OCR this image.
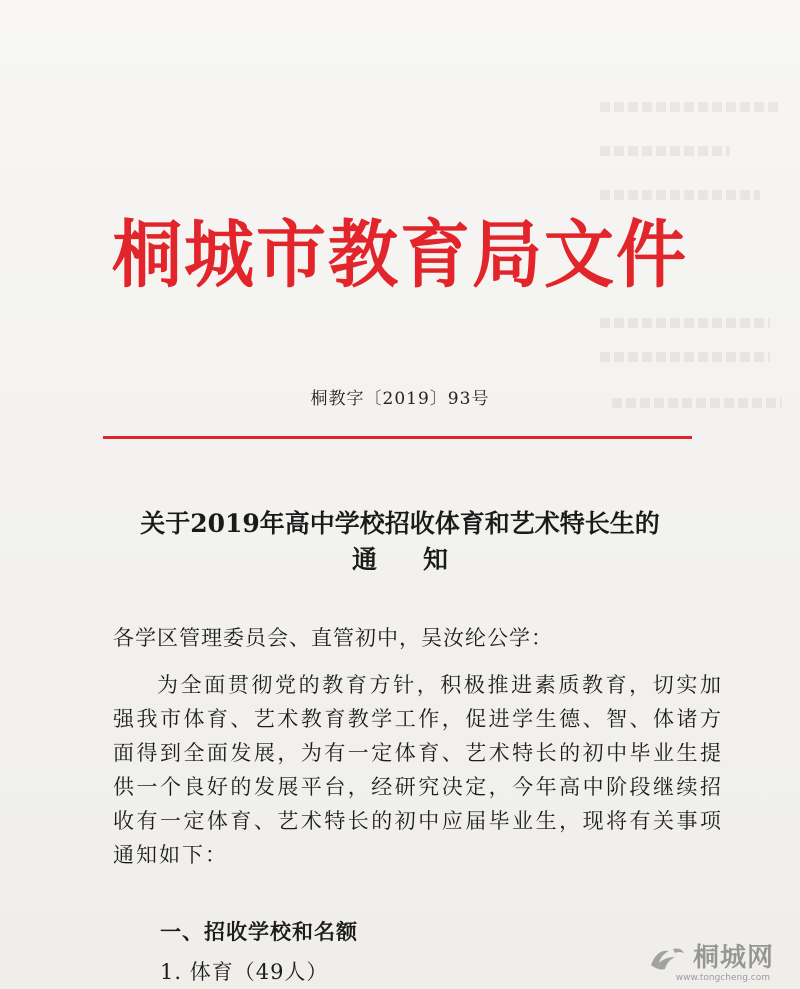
桐城市教育局文件
桐教字〔2019〕93号
关于2019年高中学校招收体育和艺术特长生的
通知
各学区管理委员会、直管初中，吴汝纶公学：
为全面贯彻党的教育方针，积极推进素质教育，切实加强我市体育、艺术教育教学工作，促进学生德、智、体诸方面得到全面发展，为有一定体育、艺术特长的初中毕业生提供一个良好的发展平台，经研究决定，今年高中阶段继续招收有一定体育、艺术特长的初中应届毕业生，现将有关事项通知如下：
一、招收学校和名额
1. 体育（49人）	桐城网
www.tongcheng.com
